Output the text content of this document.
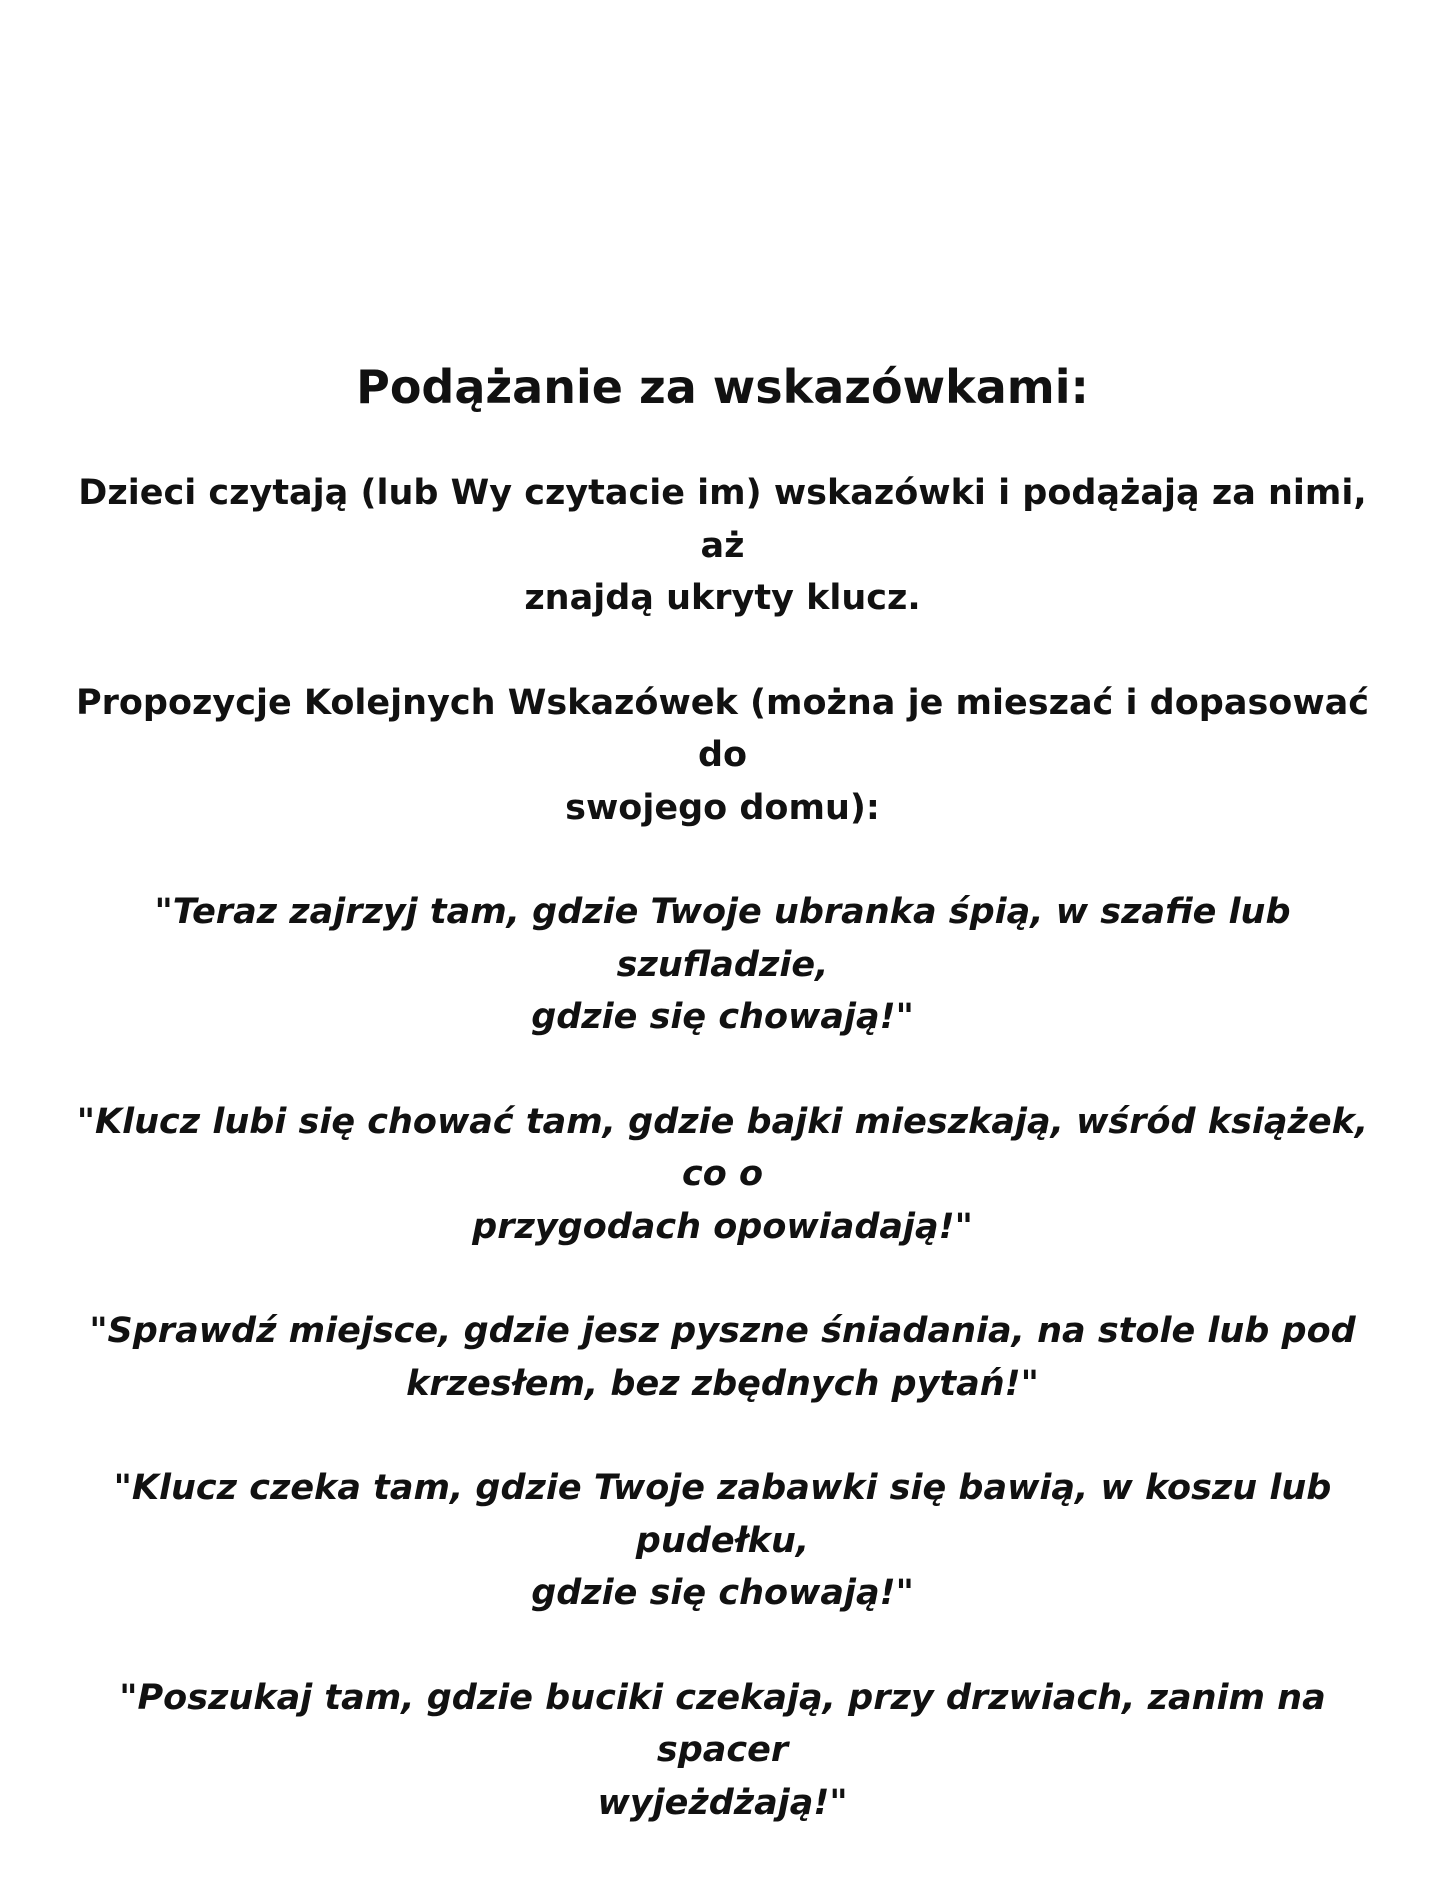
Podążanie za wskazówkami:

Dzieci czytają (lub Wy czytacie im) wskazówki i podążają za nimi, aż
znajdą ukryty klucz.

Propozycje Kolejnych Wskazówek (można je mieszać i dopasować do
swojego domu):

"Teraz zajrzyj tam, gdzie Twoje ubranka śpią, w szafie lub szufladzie,
gdzie się chowają!"

"Klucz lubi się chować tam, gdzie bajki mieszkają, wśród książek, co o
przygodach opowiadają!"

"Sprawdź miejsce, gdzie jesz pyszne śniadania, na stole lub pod
krzesłem, bez zbędnych pytań!"

"Klucz czeka tam, gdzie Twoje zabawki się bawią, w koszu lub pudełku,
gdzie się chowają!"

"Poszukaj tam, gdzie buciki czekają, przy drzwiach, zanim na spacer
wyjeżdżają!"
